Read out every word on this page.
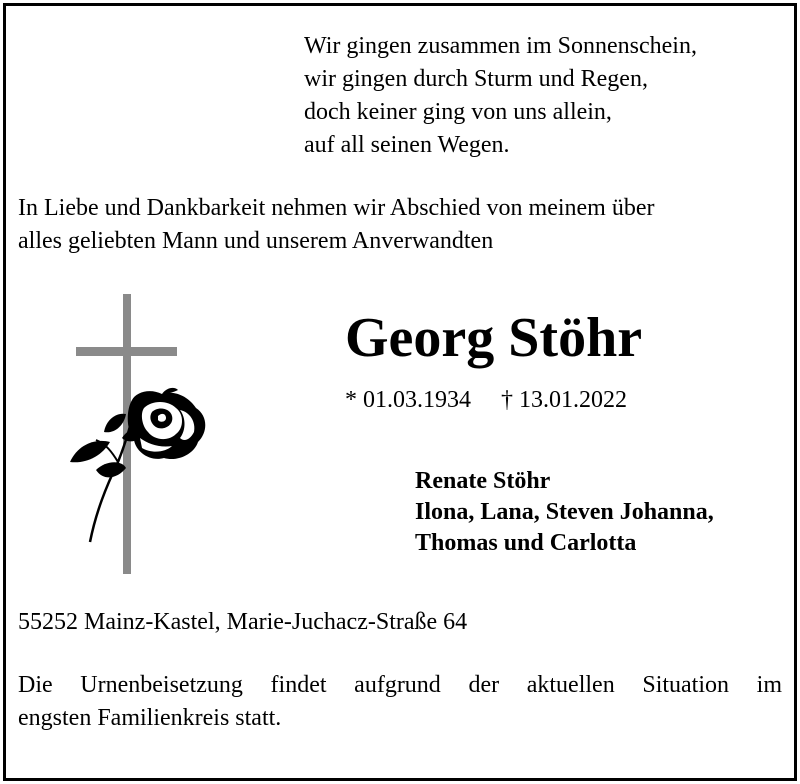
Wir gingen zusammen im Sonnenschein,
wir gingen durch Sturm und Regen,
doch keiner ging von uns allein,
auf all seinen Wegen.
In Liebe und Dankbarkeit nehmen wir Abschied von meinem über
alles geliebten Mann und unserem Anverwandten
Georg Stöhr
* 01.03.1934 † 13.01.2022
Renate Stöhr
Ilona, Lana, Steven Johanna,
Thomas und Carlotta
55252 Mainz-Kastel, Marie-Juchacz-Straße 64
Die Urnenbeisetzung findet aufgrund der aktuellen Situation im
engsten Familienkreis statt.
